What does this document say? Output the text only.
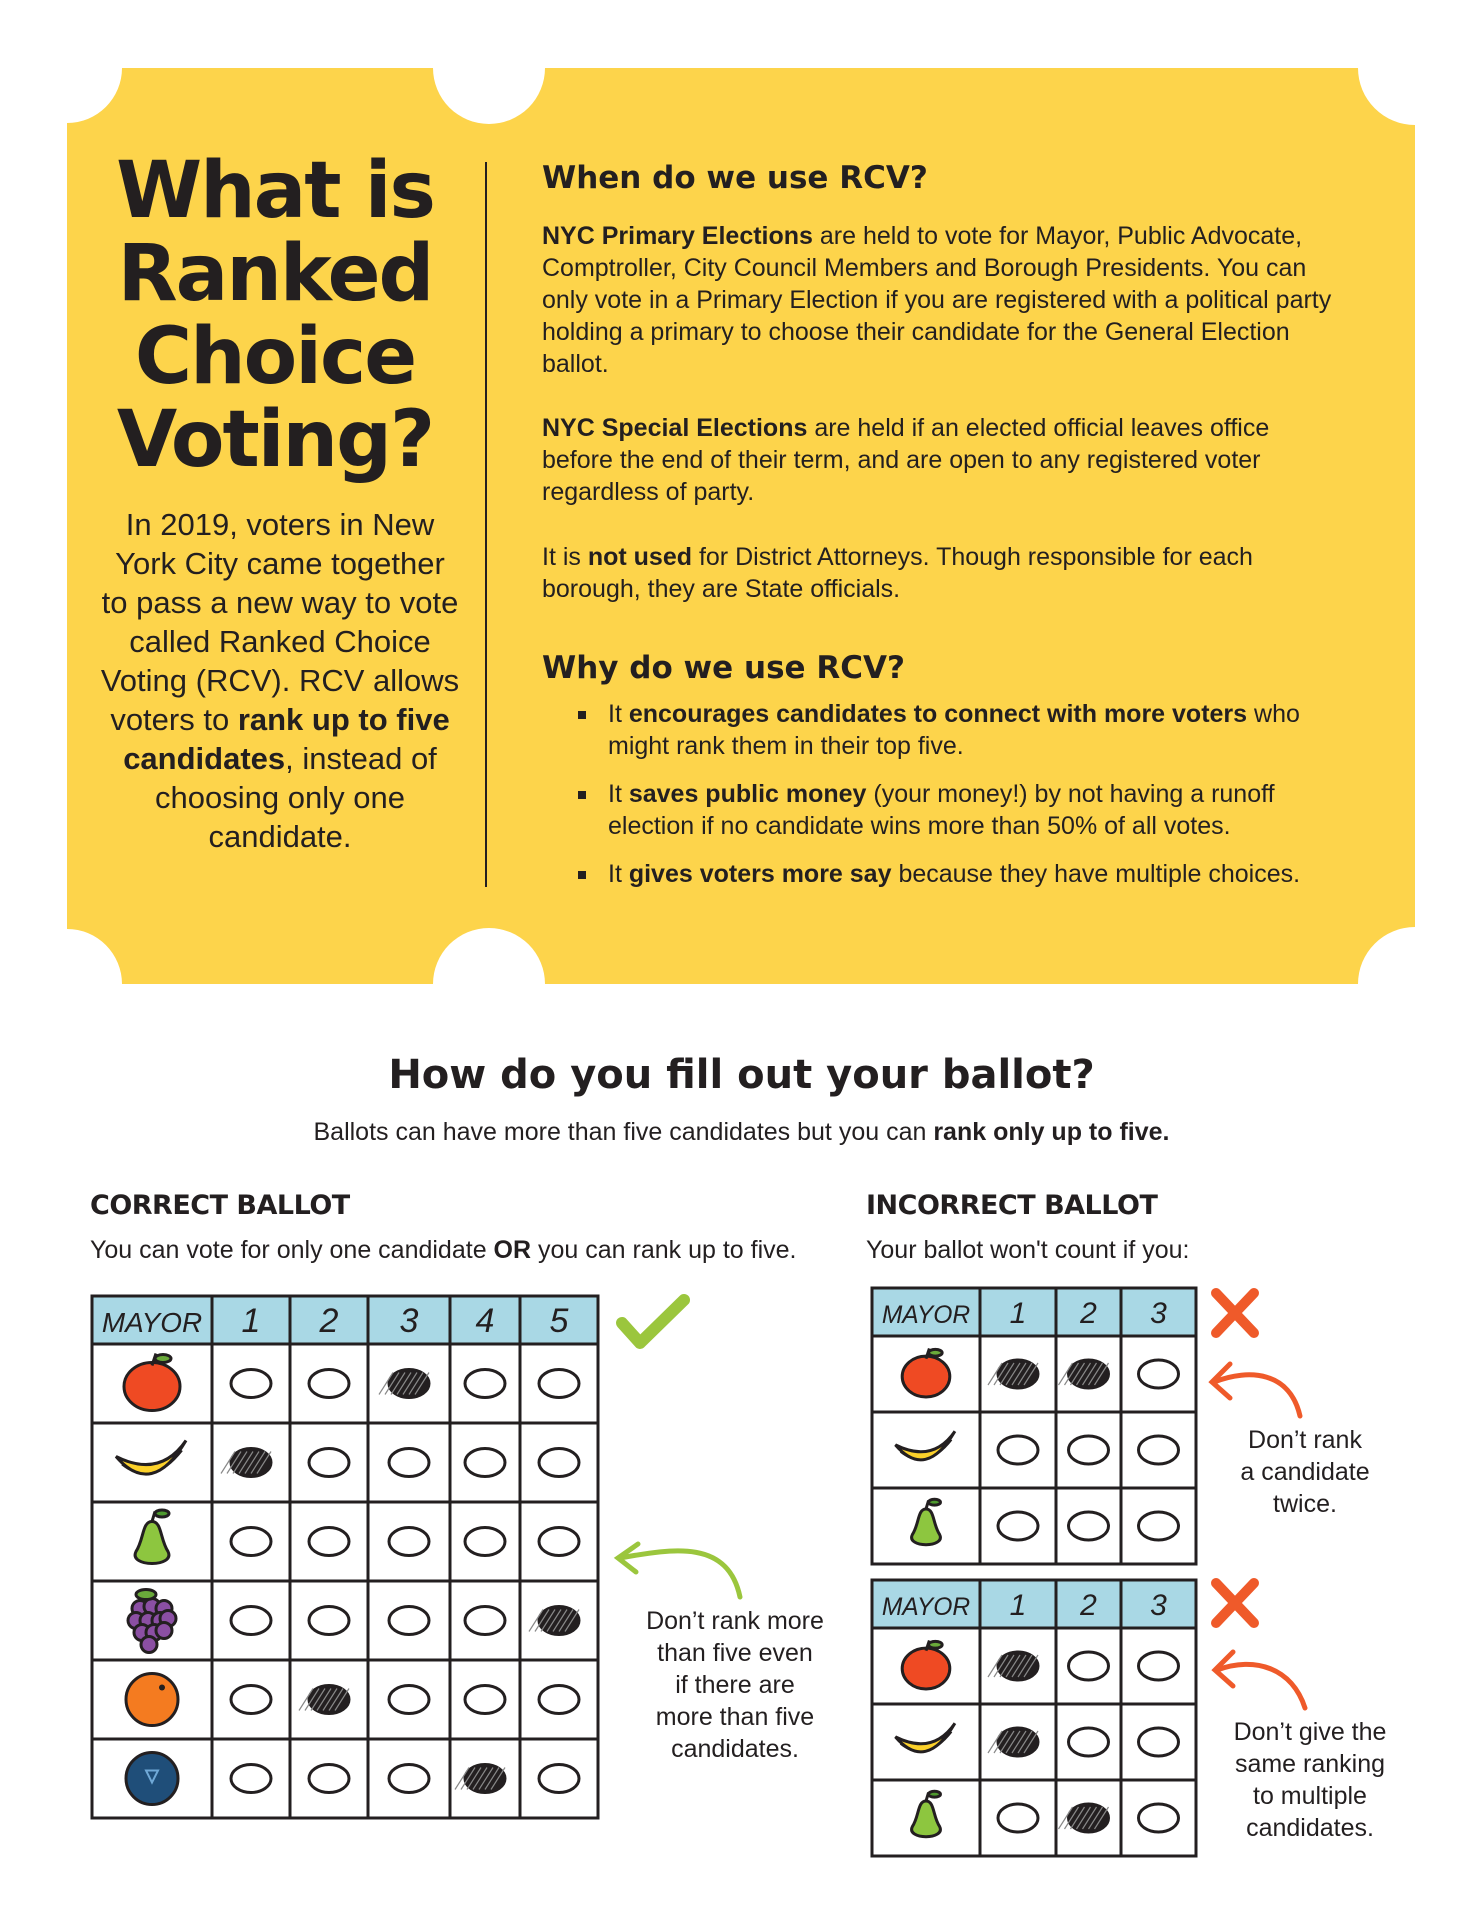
What is
Ranked
Choice
Voting?
In 2019, voters in New York City came together to pass a new way to vote called Ranked Choice Voting (RCV). RCV allows voters to rank up to five candidates, instead of choosing only one candidate.
When do we use RCV?

NYC Primary Elections are held to vote for Mayor, Public Advocate, Comptroller, City Council Members and Borough Presidents. You can only vote in a Primary Election if you are registered with a political party holding a primary to choose their candidate for the General Election ballot.

NYC Special Elections are held if an elected official leaves office before the end of their term, and are open to any registered voter regardless of party.

It is not used for District Attorneys. Though responsible for each borough, they are State officials.

Why do we use RCV?
It encourages candidates to connect with more voters who might rank them in their top five.
It saves public money (your money!) by not having a runoff election if no candidate wins more than 50% of all votes.
It gives voters more say because they have multiple choices.
How do you fill out your ballot?
Ballots can have more than five candidates but you can rank only up to five.
CORRECT BALLOT
You can vote for only one candidate OR you can rank up to five.
INCORRECT BALLOT
Your ballot won't count if you:
MAYOR 1 2 3 4 5	MAYOR 1 2 3
MAYOR 1 2 3
Don’t rank more
than five even
if there are
more than five
candidates.
Don’t rank
a candidate
twice.
Don’t give the
same ranking
to multiple
candidates.
